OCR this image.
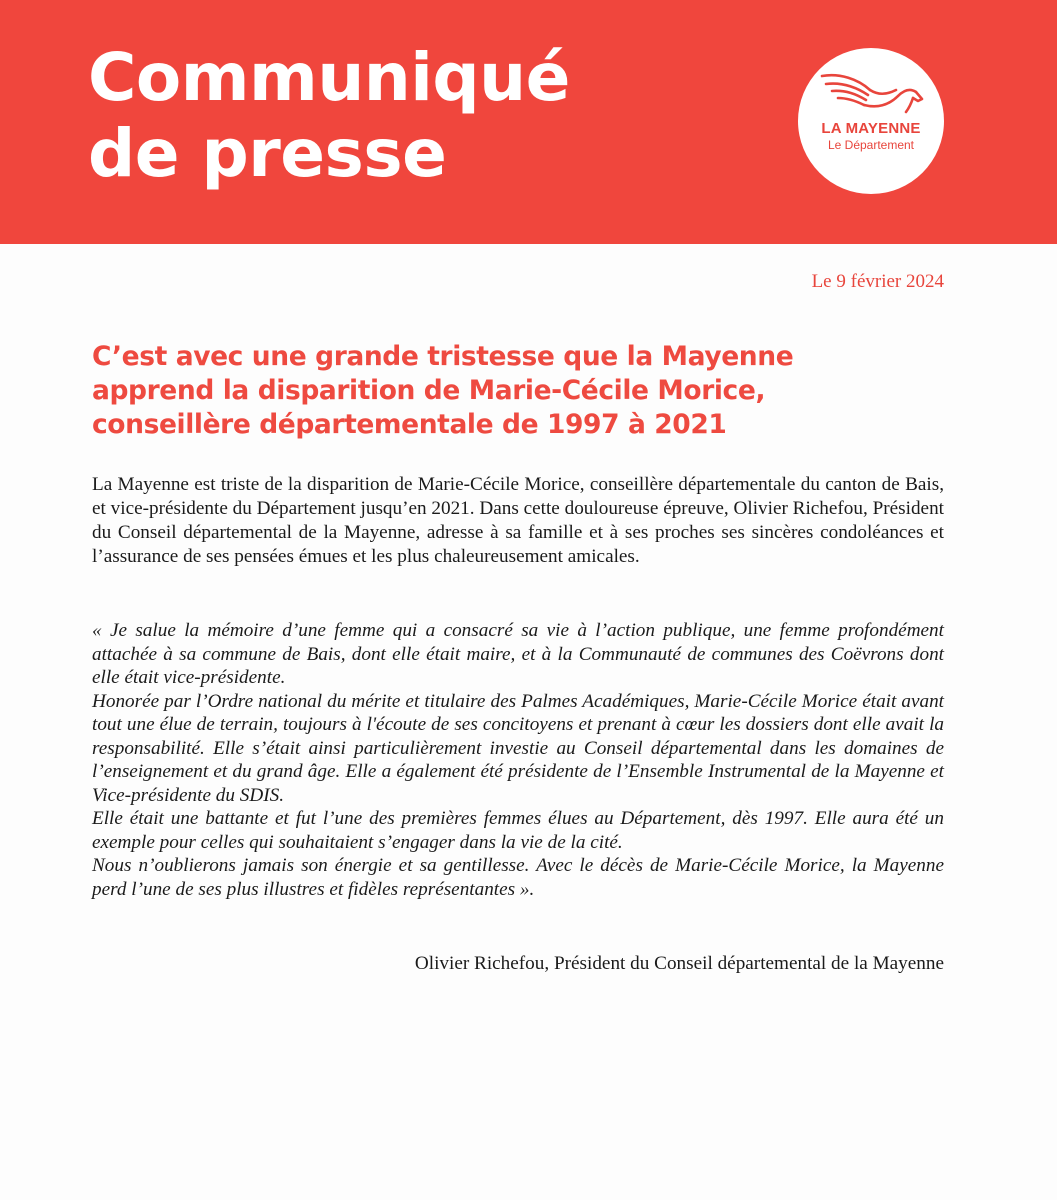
Communiqué
de presse	LA MAYENNE
Le Département
Le 9 février 2024
C’est avec une grande tristesse que la Mayenne
apprend la disparition de Marie-Cécile Morice,
conseillère départementale de 1997 à 2021

La Mayenne est triste de la disparition de Marie-Cécile Morice, conseillère départementale du canton de Bais, et vice-présidente du Département jusqu’en 2021. Dans cette douloureuse épreuve, Olivier Richefou, Président du Conseil départemental de la Mayenne, adresse à sa famille et à ses proches ses sincères condoléances et l’assurance de ses pensées émues et les plus chaleureusement amicales.

« Je salue la mémoire d’une femme qui a consacré sa vie à l’action publique, une femme profondément attachée à sa commune de Bais, dont elle était maire, et à la Communauté de communes des Coëvrons dont elle était vice-présidente.

Honorée par l’Ordre national du mérite et titulaire des Palmes Académiques, Marie-Cécile Morice était avant tout une élue de terrain, toujours à l'écoute de ses concitoyens et prenant à cœur les dossiers dont elle avait la responsabilité. Elle s’était ainsi particulièrement investie au Conseil départemental dans les domaines de l’enseignement et du grand âge. Elle a également été présidente de l’Ensemble Instrumental de la Mayenne et Vice-présidente du SDIS.

Elle était une battante et fut l’une des premières femmes élues au Département, dès 1997. Elle aura été un exemple pour celles qui souhaitaient s’engager dans la vie de la cité.

Nous n’oublierons jamais son énergie et sa gentillesse. Avec le décès de Marie-Cécile Morice, la Mayenne perd l’une de ses plus illustres et fidèles représentantes ».

Olivier Richefou, Président du Conseil départemental de la Mayenne
